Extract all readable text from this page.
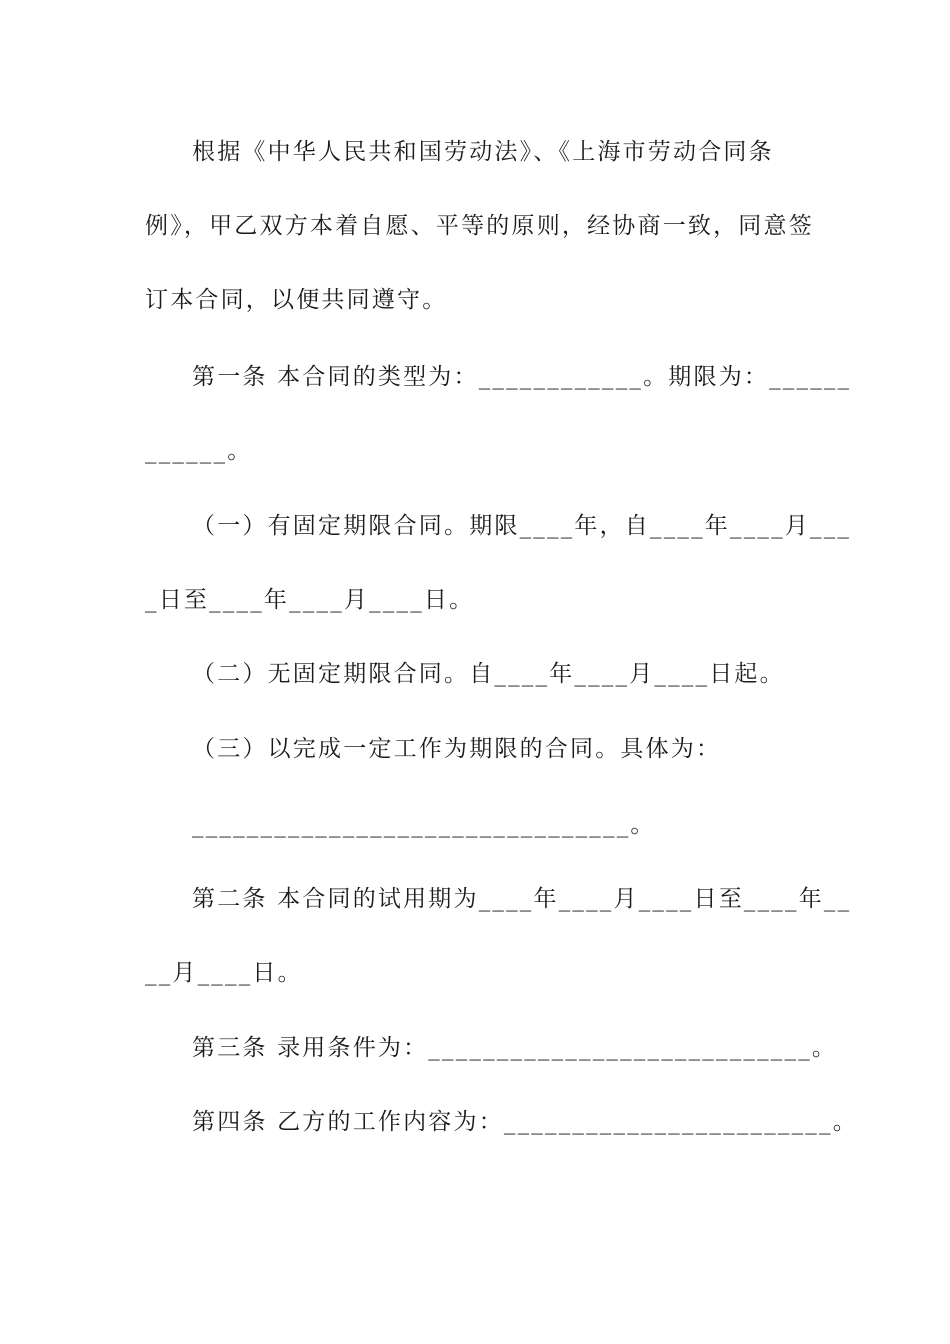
根据《中华人民共和国劳动法》、《上海市劳动合同条
例》，甲乙双方本着自愿、平等的原则，经协商一致，同意签
订本合同，以便共同遵守。
第一条 本合同的类型为：____________。期限为：______
______。
（一）有固定期限合同。期限____年，自____年____月___
_日至____年____月____日。
（二）无固定期限合同。自____年____月____日起。
（三）以完成一定工作为期限的合同。具体为：
________________________________。
第二条 本合同的试用期为____年____月____日至____年__
__月____日。
第三条 录用条件为：____________________________。
第四条 乙方的工作内容为：________________________。
